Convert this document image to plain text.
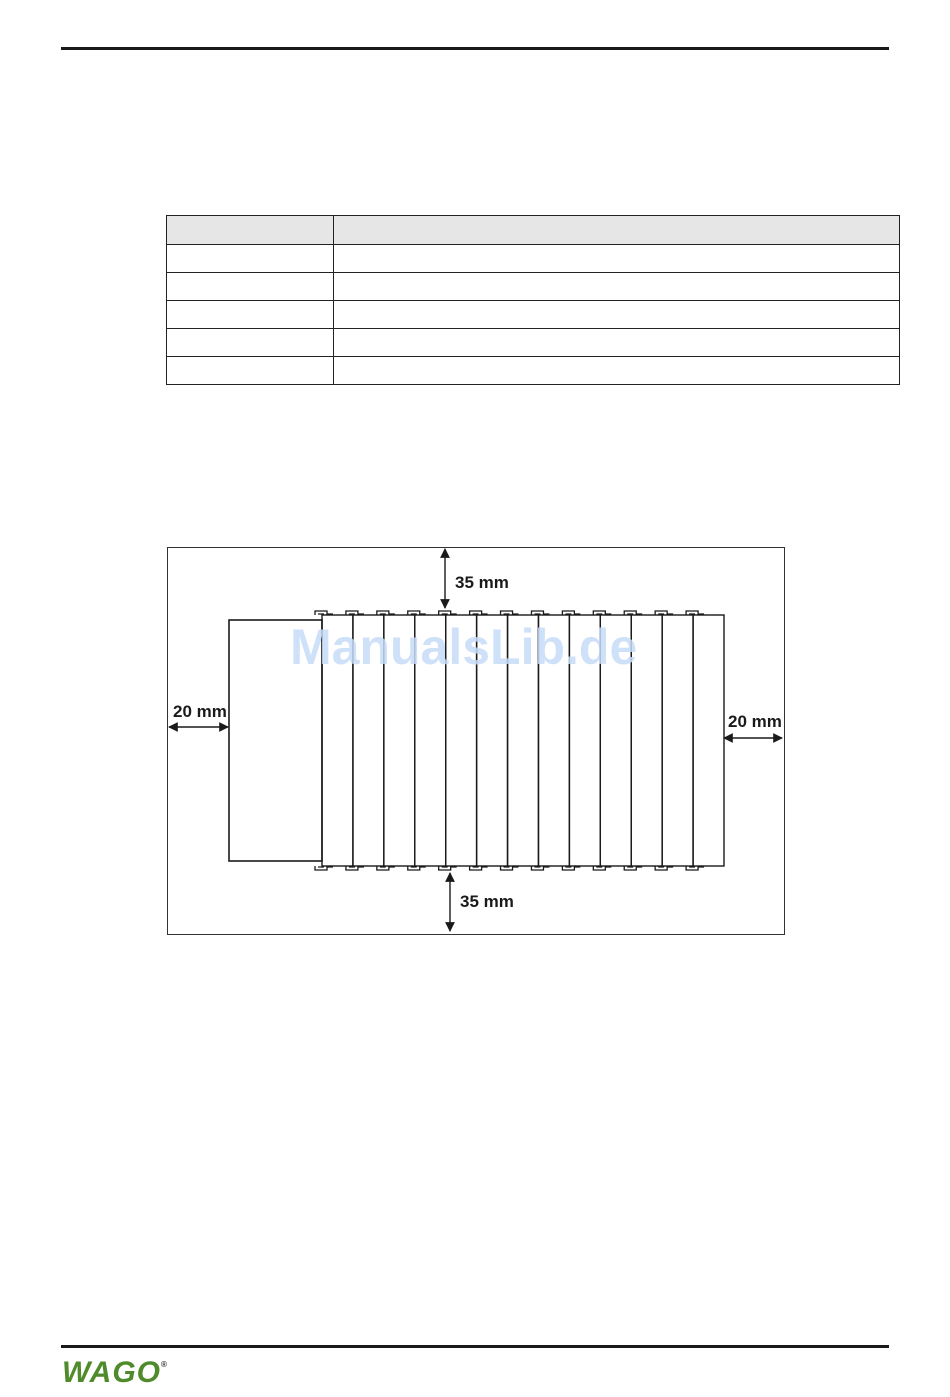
ManualsLib.de
35 mm
35 mm
20 mm
20 mm
WAGO®
